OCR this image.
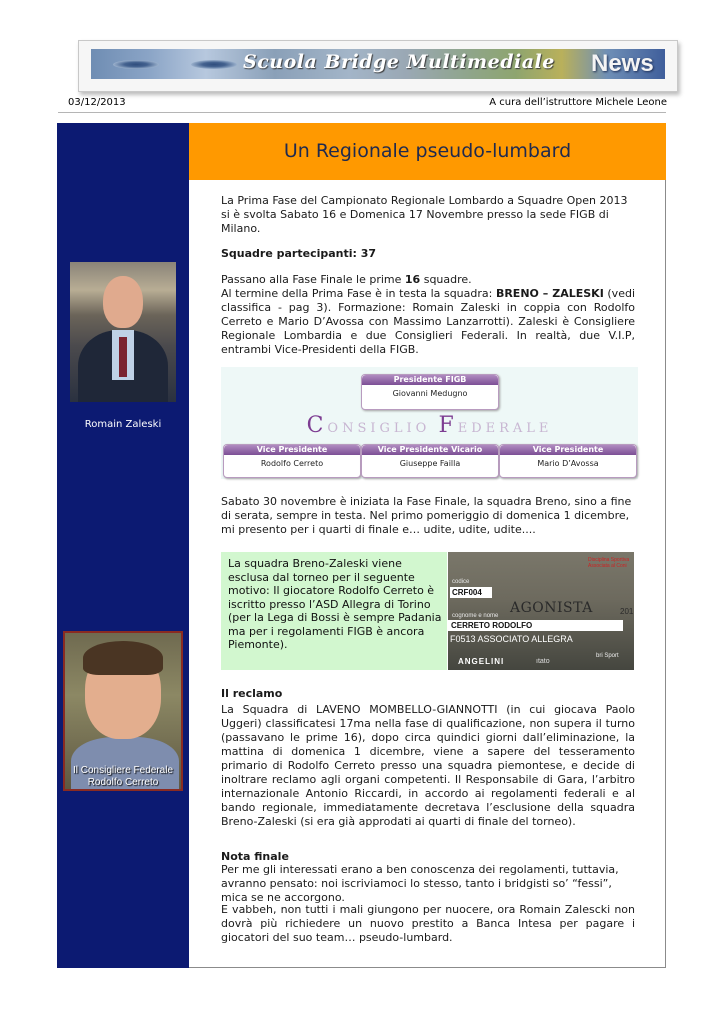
Scuola Bridge Multimediale News
03/12/2013	A cura dell’istruttore Michele Leone
Romain Zaleski
Il Consigliere Federale
Rodolfo Cerreto
Un Regionale pseudo-lumbard
La Prima Fase del Campionato Regionale Lombardo a Squadre Open 2013 si è svolta Sabato 16 e Domenica 17 Novembre presso la sede FIGB di Milano.
Squadre partecipanti: 37
Passano alla Fase Finale le prime 16 squadre.
Al termine della Prima Fase è in testa la squadra: BRENO – ZALESKI (vedi classifica - pag 3). Formazione: Romain Zaleski in coppia con Rodolfo Cerreto e Mario D’Avossa con Massimo Lanzarrotti). Zaleski è Consigliere Regionale Lombardia e due Consiglieri Federali. In realtà, due V.I.P, entrambi Vice-Presidenti della FIGB.
Presidente FIGB
Giovanni Medugno
CONSIGLIO FEDERALE
Vice Presidente
Rodolfo Cerreto
Vice Presidente Vicario
Giuseppe Failla
Vice Presidente
Mario D’Avossa
Sabato 30 novembre è iniziata la Fase Finale, la squadra Breno, sino a fine di serata, sempre in testa. Nel primo pomeriggio di domenica 1 dicembre, mi presento per i quarti di finale e… udite, udite, udite....
La squadra Breno-Zaleski viene esclusa dal torneo per il seguente motivo: Il giocatore Rodolfo Cerreto è iscritto presso l’ASD Allegra di Torino (per la Lega di Bossi è sempre Padania ma per i regolamenti FIGB è ancora Piemonte).
Disciplina Sportiva Associata al Coni
codice
CRF004
AGONISTA	201
cognome e nome
CERRETO RODOLFO
F0513 ASSOCIATO ALLEGRA
ANGELINI	ıtato
bri Sport
Il reclamo
La Squadra di LAVENO MOMBELLO-GIANNOTTI (in cui giocava Paolo Uggeri) classificatesi 17ma nella fase di qualificazione, non supera il turno (passavano le prime 16), dopo circa quindici giorni dall’eliminazione, la mattina di domenica 1 dicembre, viene a sapere del tesseramento primario di Rodolfo Cerreto presso una squadra piemontese, e decide di inoltrare reclamo agli organi competenti. Il Responsabile di Gara, l’arbitro internazionale Antonio Riccardi, in accordo ai regolamenti federali e al bando regionale, immediatamente decretava l’esclusione della squadra Breno-Zaleski (si era già approdati ai quarti di finale del torneo).
Nota finale
Per me gli interessati erano a ben conoscenza dei regolamenti, tuttavia, avranno pensato: noi iscriviamoci lo stesso, tanto i bridgisti so’ “fessi”, mica se ne accorgono.
E vabbeh, non tutti i mali giungono per nuocere, ora Romain Zalescki non dovrà più richiedere un nuovo prestito a Banca Intesa per pagare i giocatori del suo team… pseudo-lumbard.
